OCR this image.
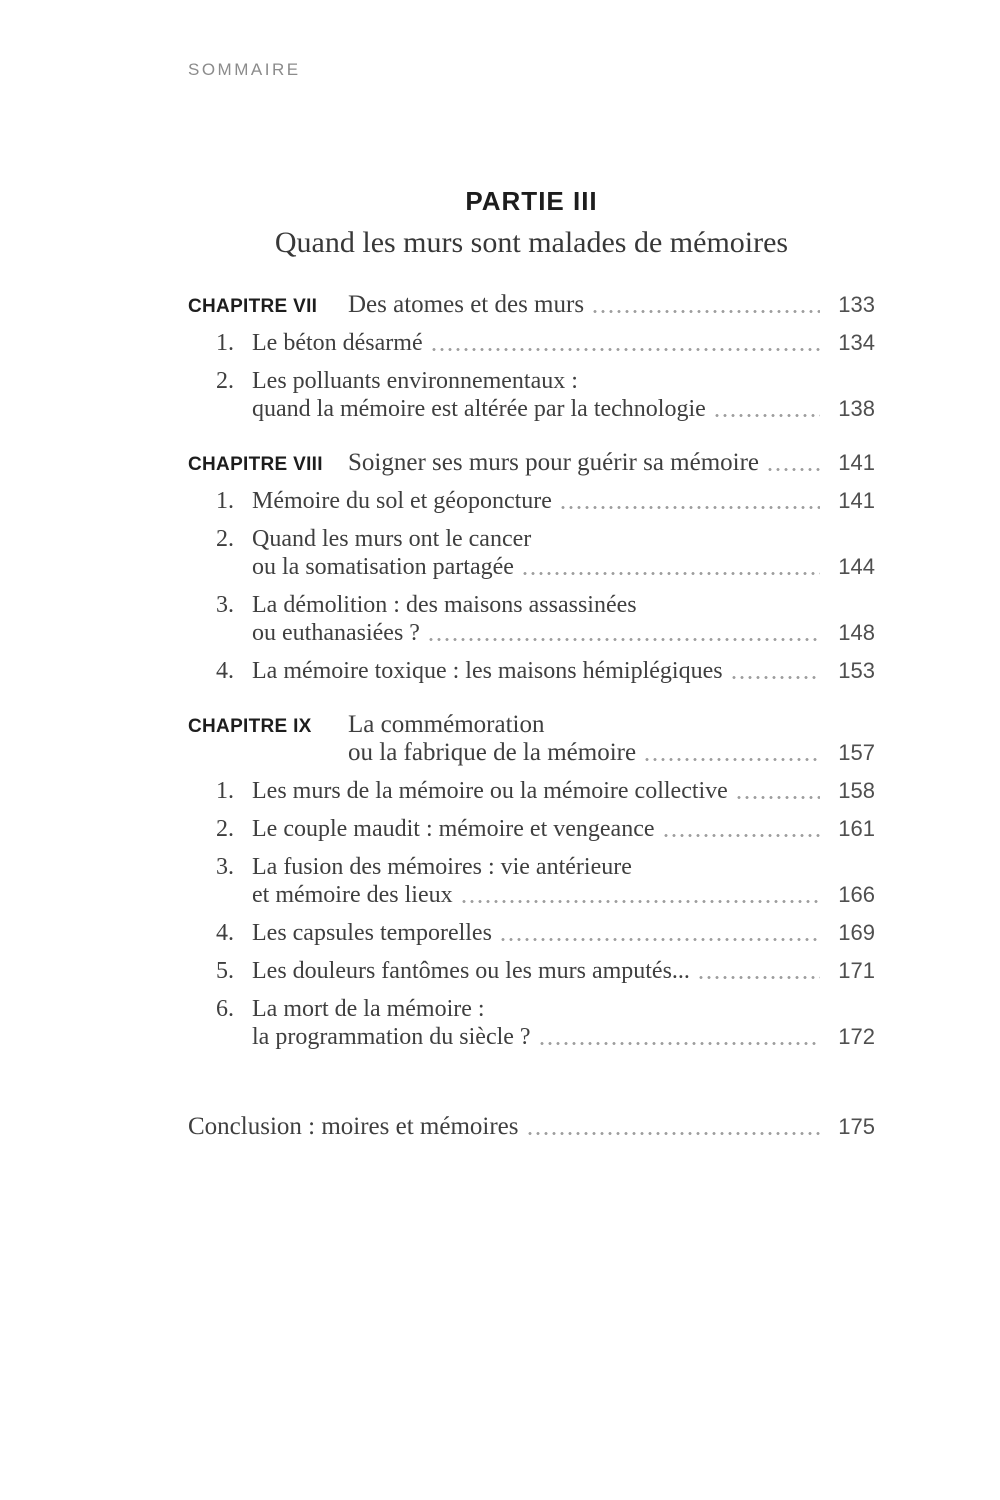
SOMMAIRE
PARTIE III
Quand les murs sont malades de mémoires
CHAPITRE VII	Des atomes et des murs	133
1. Le béton désarmé	134
2. Les polluants environnementaux :
quand la mémoire est altérée par la technologie	138
CHAPITRE VIII	Soigner ses murs pour guérir sa mémoire	141
1. Mémoire du sol et géoponcture	141
2. Quand les murs ont le cancer
ou la somatisation partagée	144
3. La démolition : des maisons assassinées
ou euthanasiées ?	148
4. La mémoire toxique : les maisons hémiplégiques	153
CHAPITRE IX	La commémoration
ou la fabrique de la mémoire	157
1. Les murs de la mémoire ou la mémoire collective	158
2. Le couple maudit : mémoire et vengeance	161
3. La fusion des mémoires : vie antérieure
et mémoire des lieux	166
4. Les capsules temporelles	169
5. Les douleurs fantômes ou les murs amputés...	171
6. La mort de la mémoire :
la programmation du siècle ?	172
Conclusion : moires et mémoires	175
